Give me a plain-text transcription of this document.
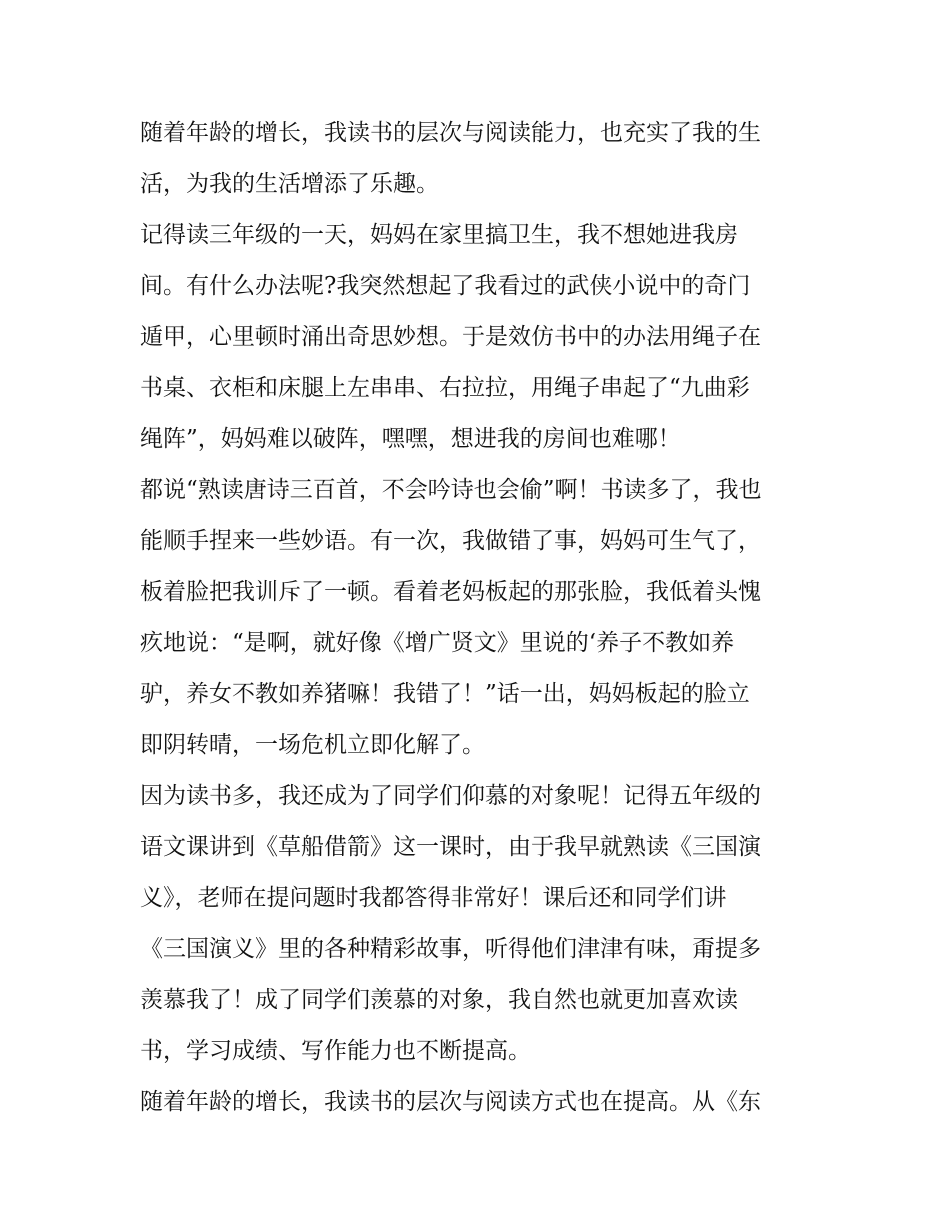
随着年龄的增长，我读书的层次与阅读能力，也充实了我的生
活，为我的生活增添了乐趣。
记得读三年级的一天，妈妈在家里搞卫生，我不想她进我房
间。有什么办法呢?我突然想起了我看过的武侠小说中的奇门
遁甲，心里顿时涌出奇思妙想。于是效仿书中的办法用绳子在
书桌、衣柜和床腿上左串串、右拉拉，用绳子串起了“九曲彩
绳阵”，妈妈难以破阵，嘿嘿，想进我的房间也难哪！
都说“熟读唐诗三百首，不会吟诗也会偷”啊！书读多了，我也
能顺手捏来一些妙语。有一次，我做错了事，妈妈可生气了，
板着脸把我训斥了一顿。看着老妈板起的那张脸，我低着头愧
疚地说：“是啊，就好像《增广贤文》里说的‘养子不教如养
驴，养女不教如养猪嘛！我错了！”话一出，妈妈板起的脸立
即阴转晴，一场危机立即化解了。
因为读书多，我还成为了同学们仰慕的对象呢！记得五年级的
语文课讲到《草船借箭》这一课时，由于我早就熟读《三国演
义》，老师在提问题时我都答得非常好！课后还和同学们讲
《三国演义》里的各种精彩故事，听得他们津津有味，甭提多
羡慕我了！成了同学们羡慕的对象，我自然也就更加喜欢读
书，学习成绩、写作能力也不断提高。
随着年龄的增长，我读书的层次与阅读方式也在提高。从《东
